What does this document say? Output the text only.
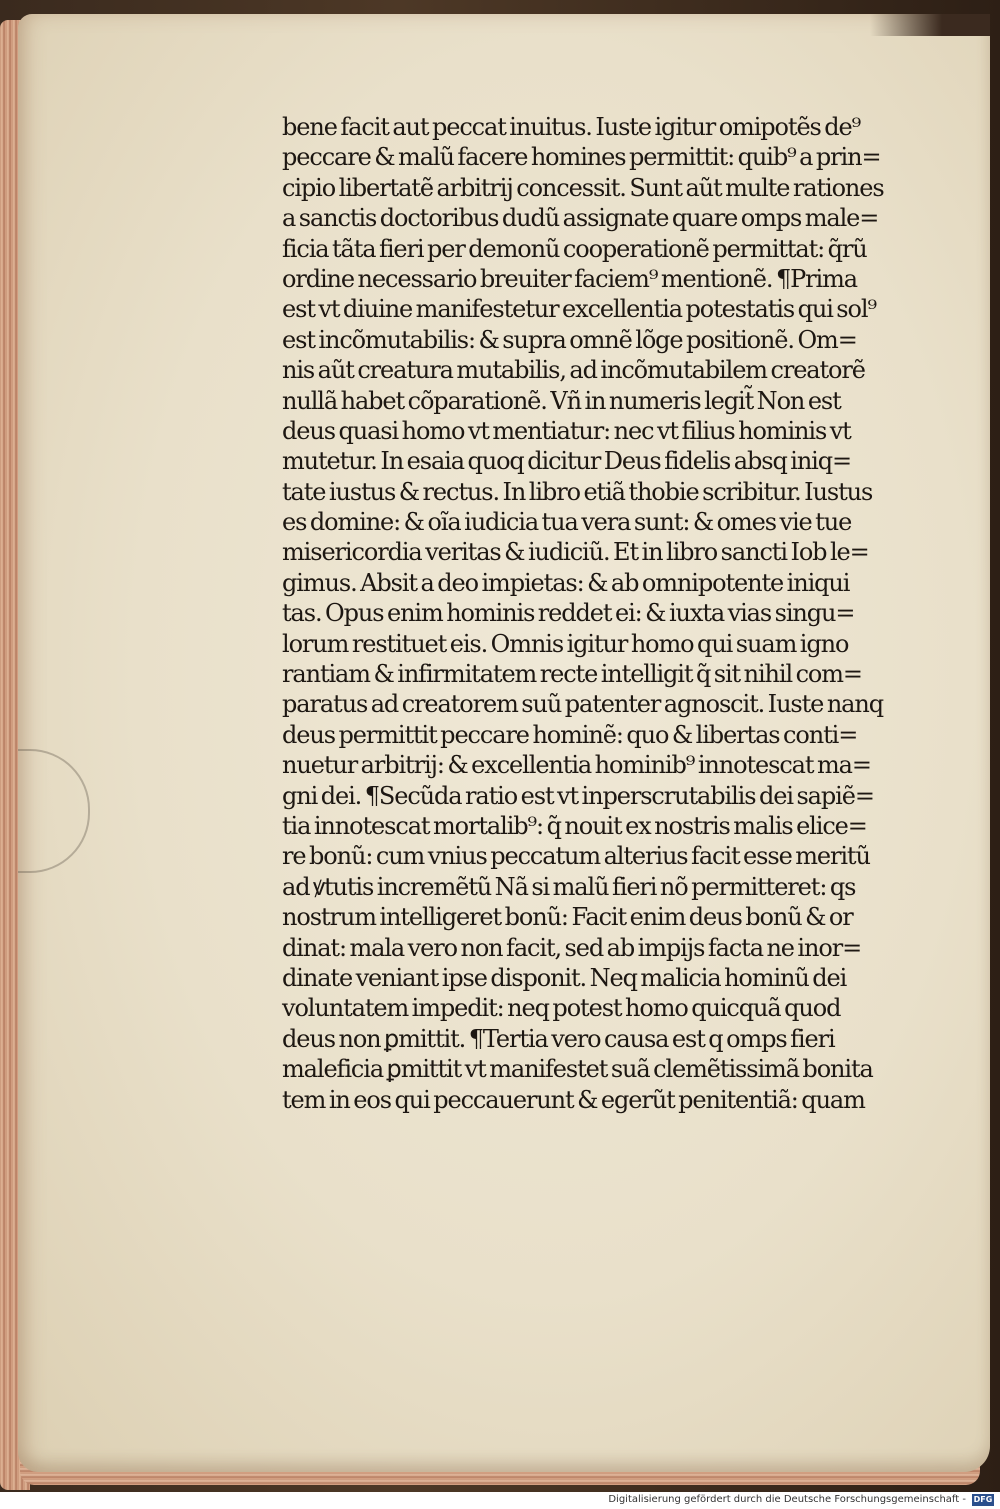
bene facit aut peccat inuitus. Iuste igitur omipotẽs de⁹
peccare & malũ facere homines permittit: quib⁹ a prin=
cipio libertatẽ arbitrij concessit. Sunt aũt multe rationes
a sanctis doctoribus dudũ assignate quare omps male=
ficia tãta fieri per demonũ cooperationẽ permittat: q̃rũ
ordine necessario breuiter faciem⁹ mentionẽ. ¶Prima
est vt diuine manifestetur excellentia potestatis qui sol⁹
est incõmutabilis: & supra omnẽ lõge positionẽ. Om=
nis aũt creatura mutabilis, ad incõmutabilem creatorẽ
nullã habet cõparationẽ. Vñ in numeris legit̃ Non est
deus quasi homo vt mentiatur: nec vt filius hominis vt
mutetur. In esaia quoq dicitur Deus fidelis absq iniq=
tate iustus & rectus. In libro etiã thobie scribitur. Iustus
es domine: & oĩa iudicia tua vera sunt: & omes vie tue
misericordia veritas & iudiciũ. Et in libro sancti Iob le=
gimus. Absit a deo impietas: & ab omnipotente iniqui
tas. Opus enim hominis reddet ei: & iuxta vias singu=
lorum restituet eis. Omnis igitur homo qui suam igno
rantiam & infirmitatem recte intelligit q̃ sit nihil com=
paratus ad creatorem suũ patenter agnoscit. Iuste nanq
deus permittit peccare hominẽ: quo & libertas conti=
nuetur arbitrij: & excellentia hominib⁹ innotescat ma=
gni dei. ¶Secũda ratio est vt inperscrutabilis dei sapiẽ=
tia innotescat mortalib⁹: q̃ nouit ex nostris malis elice=
re bonũ: cum vnius peccatum alterius facit esse meritũ
ad ꝟtutis incremẽtũ Nã si malũ fieri nõ permitteret: qs
nostrum intelligeret bonũ: Facit enim deus bonũ & or
dinat: mala vero non facit, sed ab impijs facta ne inor=
dinate veniant ipse disponit. Neq malicia hominũ dei
voluntatem impedit: neq potest homo quicquã quod
deus non ꝑmittit. ¶Tertia vero causa est q omps fieri
maleficia ꝑmittit vt manifestet suã clemẽtissimã bonita
tem in eos qui peccauerunt & egerũt penitentiã: quam
Digitalisierung gefördert durch die Deutsche Forschungsgemeinschaft - DFG
